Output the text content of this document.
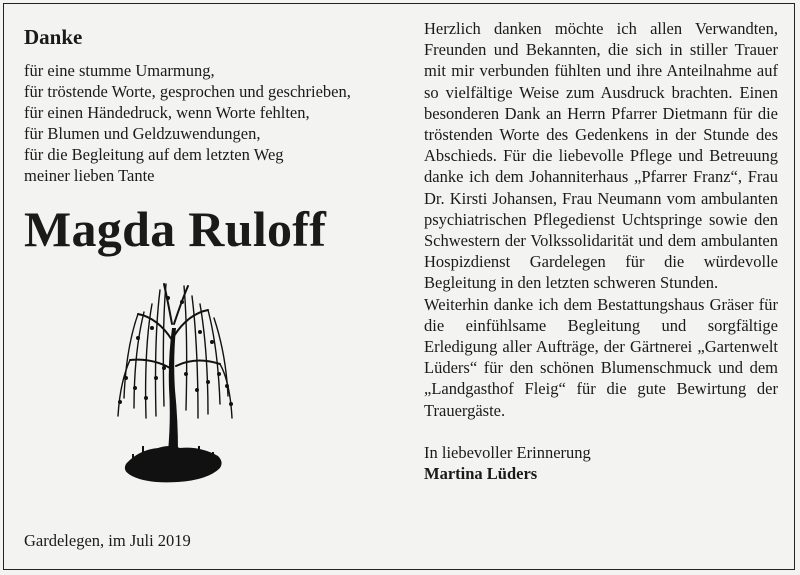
Danke
für eine stumme Umarmung,
für tröstende Worte, gesprochen und geschrieben,
für einen Händedruck, wenn Worte fehlten,
für Blumen und Geldzuwendungen,
für die Begleitung auf dem letzten Weg
meiner lieben Tante
Magda Ruloff
Gardelegen, im Juli 2019
Herzlich danken möchte ich allen Verwandten, Freunden und Bekannten, die sich in stiller Trauer mit mir verbunden fühlten und ihre Anteilnahme auf so vielfältige Weise zum Ausdruck brachten. Einen besonderen Dank an Herrn Pfarrer Dietmann für die tröstenden Worte des Gedenkens in der Stunde des Abschieds. Für die liebevolle Pflege und Betreuung danke ich dem Johanniterhaus „Pfarrer Franz“, Frau Dr. Kirsti Johansen, Frau Neumann vom ambulanten psychiatrischen Pflegedienst Uchtspringe sowie den Schwestern der Volkssolidarität und dem ambulanten Hospizdienst Gardelegen für die würdevolle Begleitung in den letzten schweren Stunden.
Weiterhin danke ich dem Bestattungshaus Gräser für die einfühlsame Begleitung und sorgfältige Erledigung aller Aufträge, der Gärtnerei „Gartenwelt Lüders“ für den schönen Blumenschmuck und dem „Landgasthof Fleig“ für die gute Bewirtung der Trauergäste.
In liebevoller Erinnerung
Martina Lüders
